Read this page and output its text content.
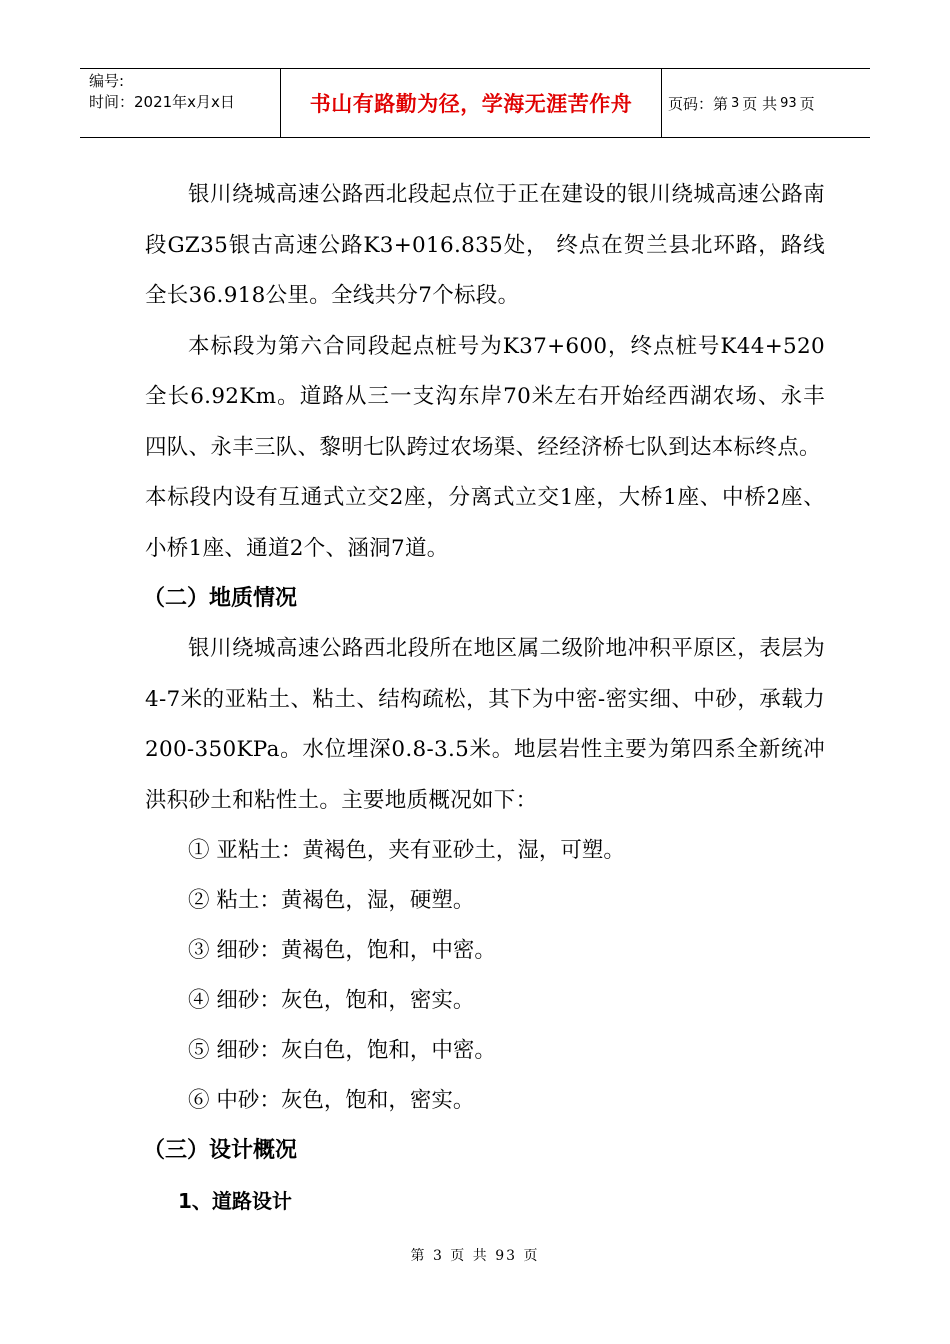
编号:
时间：2021年x月x日	书山有路勤为径，学海无涯苦作舟	页码：第 3 页 共 93 页

银川绕城高速公路西北段起点位于正在建设的银川绕城高速公路南段GZ35银古高速公路K3+016.835处， 终点在贺兰县北环路，路线全长36.918公里。全线共分7个标段。

本标段为第六合同段起点桩号为K37+600，终点桩号K44+520全长6.92Km。道路从三一支沟东岸70米左右开始经西湖农场、永丰四队、永丰三队、黎明七队跨过农场渠、经经济桥七队到达本标终点。

本标段内设有互通式立交2座，分离式立交1座，大桥1座、中桥2座、小桥1座、通道2个、涵洞7道。

（二）地质情况

银川绕城高速公路西北段所在地区属二级阶地冲积平原区，表层为4-7米的亚粘土、粘土、结构疏松，其下为中密-密实细、中砂，承载力200-350KPa。水位埋深0.8-3.5米。地层岩性主要为第四系全新统冲洪积砂土和粘性土。主要地质概况如下：

① 亚粘土：黄褐色，夹有亚砂土，湿，可塑。

② 粘土：黄褐色，湿，硬塑。

③ 细砂：黄褐色，饱和，中密。

④ 细砂：灰色，饱和，密实。

⑤ 细砂：灰白色，饱和，中密。

⑥ 中砂：灰色，饱和，密实。

（三）设计概况
1、道路设计
第 3 页 共 93 页
